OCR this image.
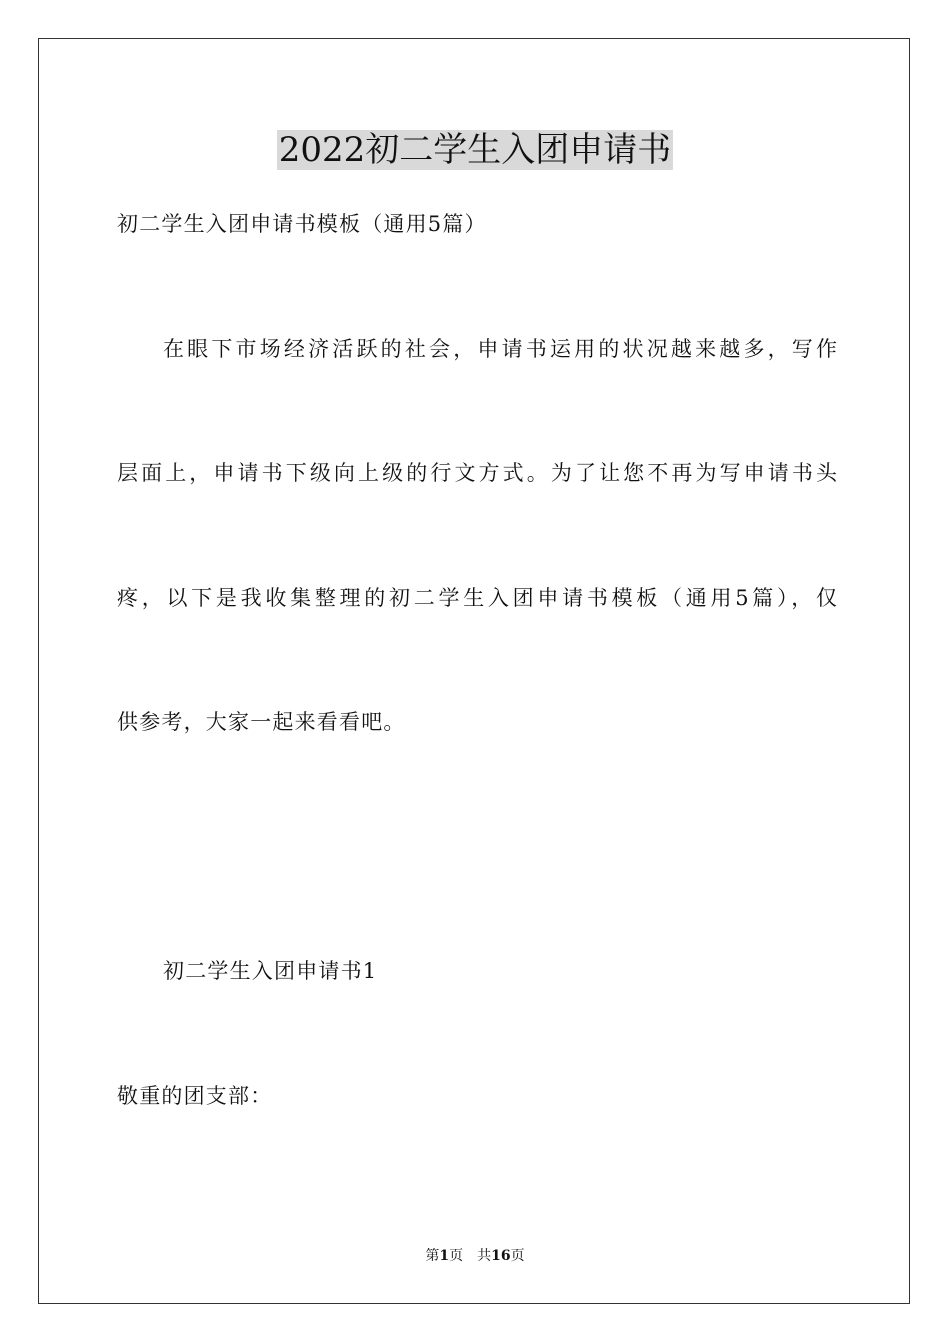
2022初二学生入团申请书

初二学生入团申请书模板（通用5篇）

在眼下市场经济活跃的社会，申请书运用的状况越来越多，写作

层面上，申请书下级向上级的行文方式。为了让您不再为写申请书头

疼，以下是我收集整理的初二学生入团申请书模板（通用5篇），仅

供参考，大家一起来看看吧。

初二学生入团申请书1

敬重的团支部：

第1页 共16页
